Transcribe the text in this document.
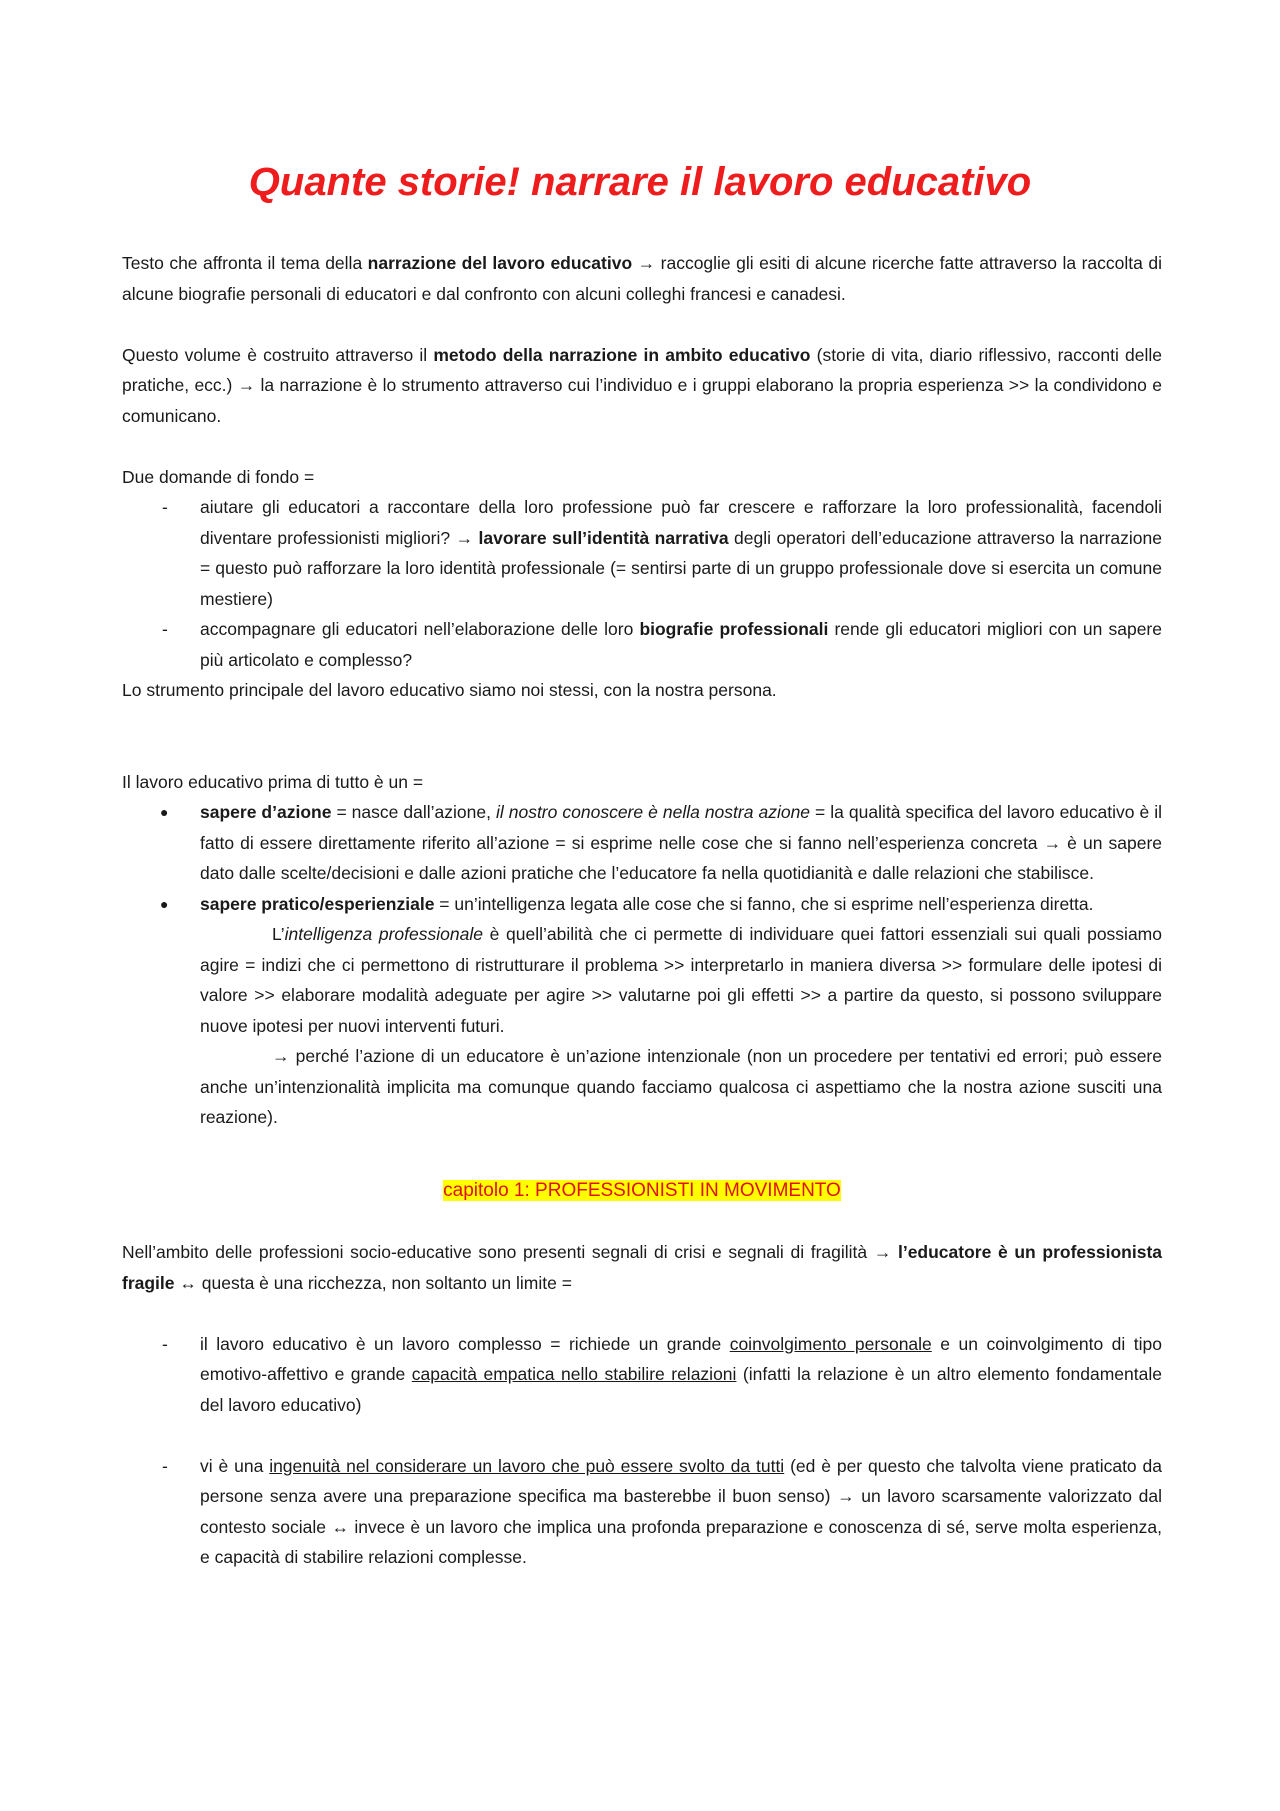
Quante storie! narrare il lavoro educativo

Testo che affronta il tema della narrazione del lavoro educativo → raccoglie gli esiti di alcune ricerche fatte attraverso la raccolta di alcune biografie personali di educatori e dal confronto con alcuni colleghi francesi e canadesi.

Questo volume è costruito attraverso il metodo della narrazione in ambito educativo (storie di vita, diario riflessivo, racconti delle pratiche, ecc.) → la narrazione è lo strumento attraverso cui l’individuo e i gruppi elaborano la propria esperienza >> la condividono e comunicano.

Due domande di fondo =

- aiutare gli educatori a raccontare della loro professione può far crescere e rafforzare la loro professionalità, facendoli diventare professionisti migliori? → lavorare sull’identità narrativa degli operatori dell’educazione attraverso la narrazione = questo può rafforzare la loro identità professionale (= sentirsi parte di un gruppo professionale dove si esercita un comune mestiere)
- accompagnare gli educatori nell’elaborazione delle loro biografie professionali rende gli educatori migliori con un sapere più articolato e complesso?

Lo strumento principale del lavoro educativo siamo noi stessi, con la nostra persona.

Il lavoro educativo prima di tutto è un =

● sapere d’azione = nasce dall’azione, il nostro conoscere è nella nostra azione = la qualità specifica del lavoro educativo è il fatto di essere direttamente riferito all’azione = si esprime nelle cose che si fanno nell’esperienza concreta → è un sapere dato dalle scelte/decisioni e dalle azioni pratiche che l’educatore fa nella quotidianità e dalle relazioni che stabilisce.
● sapere pratico/esperienziale = un’intelligenza legata alle cose che si fanno, che si esprime nell’esperienza diretta.
L’intelligenza professionale è quell’abilità che ci permette di individuare quei fattori essenziali sui quali possiamo agire = indizi che ci permettono di ristrutturare il problema >> interpretarlo in maniera diversa >> formulare delle ipotesi di valore >> elaborare modalità adeguate per agire >> valutarne poi gli effetti >> a partire da questo, si possono sviluppare nuove ipotesi per nuovi interventi futuri.
→ perché l’azione di un educatore è un’azione intenzionale (non un procedere per tentativi ed errori; può essere anche un’intenzionalità implicita ma comunque quando facciamo qualcosa ci aspettiamo che la nostra azione susciti una reazione).

capitolo 1: PROFESSIONISTI IN MOVIMENTO

Nell’ambito delle professioni socio-educative sono presenti segnali di crisi e segnali di fragilità → l’educatore è un professionista fragile ↔ questa è una ricchezza, non soltanto un limite =

- il lavoro educativo è un lavoro complesso = richiede un grande coinvolgimento personale e un coinvolgimento di tipo emotivo-affettivo e grande capacità empatica nello stabilire relazioni (infatti la relazione è un altro elemento fondamentale del lavoro educativo)
- vi è una ingenuità nel considerare un lavoro che può essere svolto da tutti (ed è per questo che talvolta viene praticato da persone senza avere una preparazione specifica ma basterebbe il buon senso) → un lavoro scarsamente valorizzato dal contesto sociale ↔ invece è un lavoro che implica una profonda preparazione e conoscenza di sé, serve molta esperienza, e capacità di stabilire relazioni complesse.
